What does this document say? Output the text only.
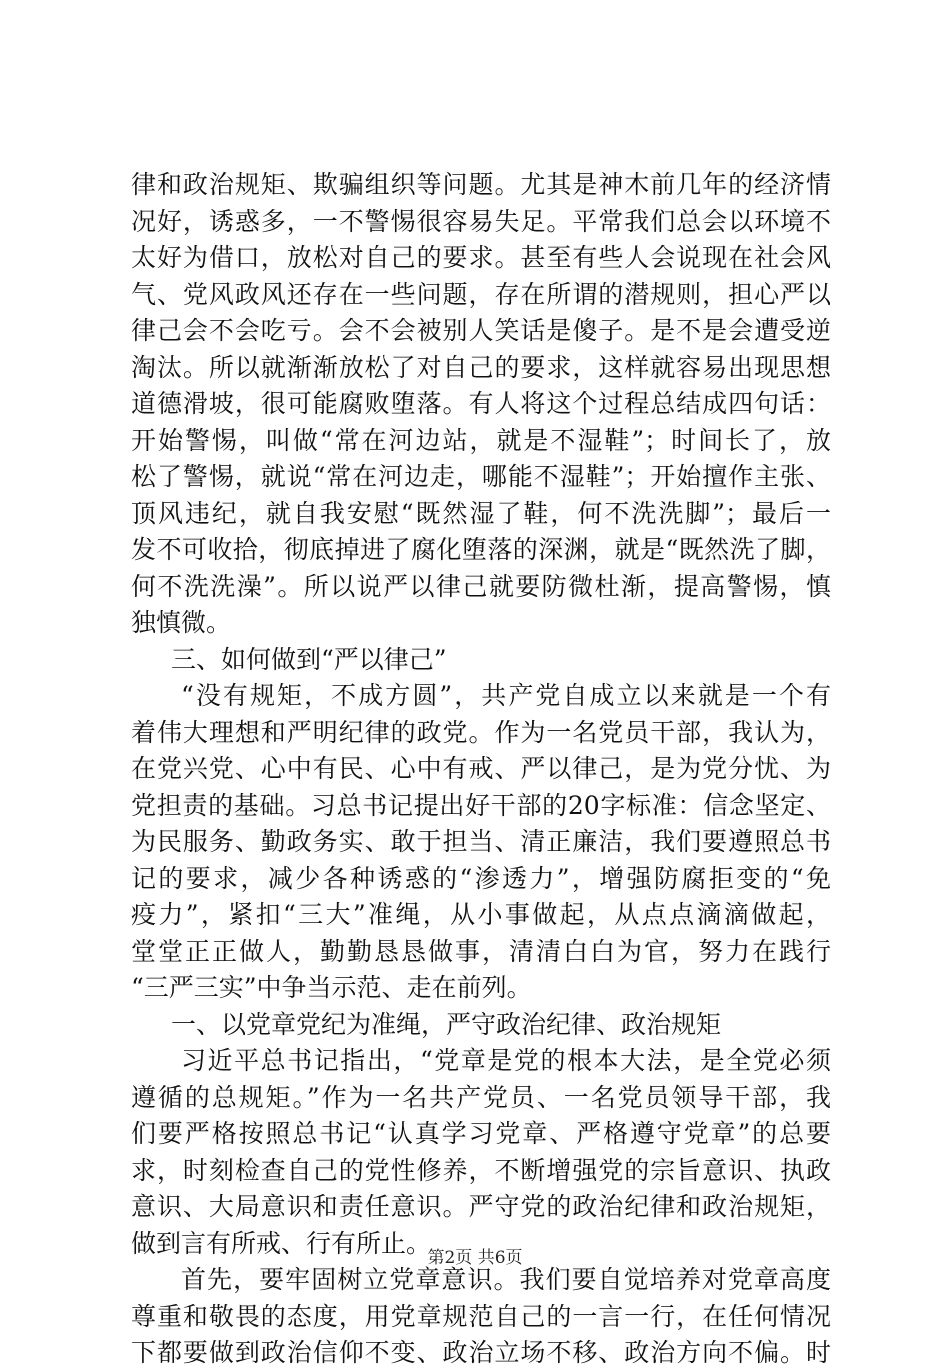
律和政治规矩、欺骗组织等问题。尤其是神木前几年的经济情
况好，诱惑多，一不警惕很容易失足。平常我们总会以环境不
太好为借口，放松对自己的要求。甚至有些人会说现在社会风
气、党风政风还存在一些问题，存在所谓的潜规则，担心严以
律己会不会吃亏。会不会被别人笑话是傻子。是不是会遭受逆
淘汰。所以就渐渐放松了对自己的要求，这样就容易出现思想
道德滑坡，很可能腐败堕落。有人将这个过程总结成四句话：
开始警惕，叫做“常在河边站，就是不湿鞋”；时间长了，放
松了警惕，就说“常在河边走，哪能不湿鞋”；开始擅作主张、
顶风违纪，就自我安慰“既然湿了鞋，何不洗洗脚”；最后一
发不可收拾，彻底掉进了腐化堕落的深渊，就是“既然洗了脚，
何不洗洗澡”。所以说严以律己就要防微杜渐，提高警惕，慎
独慎微。
三、如何做到“严以律己”
“没有规矩，不成方圆”，共产党自成立以来就是一个有
着伟大理想和严明纪律的政党。作为一名党员干部，我认为，
在党兴党、心中有民、心中有戒、严以律己，是为党分忧、为
党担责的基础。习总书记提出好干部的20字标准：信念坚定、
为民服务、勤政务实、敢于担当、清正廉洁，我们要遵照总书
记的要求，减少各种诱惑的“渗透力”，增强防腐拒变的“免
疫力”，紧扣“三大”准绳，从小事做起，从点点滴滴做起，
堂堂正正做人，勤勤恳恳做事，清清白白为官，努力在践行
“三严三实”中争当示范、走在前列。
一、以党章党纪为准绳，严守政治纪律、政治规矩
习近平总书记指出，“党章是党的根本大法，是全党必须
遵循的总规矩。”作为一名共产党员、一名党员领导干部，我
们要严格按照总书记“认真学习党章、严格遵守党章”的总要
求，时刻检查自己的党性修养，不断增强党的宗旨意识、执政
意识、大局意识和责任意识。严守党的政治纪律和政治规矩，
做到言有所戒、行有所止。
首先，要牢固树立党章意识。我们要自觉培养对党章高度
尊重和敬畏的态度，用党章规范自己的一言一行，在任何情况
下都要做到政治信仰不变、政治立场不移、政治方向不偏。时
第2页 共6页
